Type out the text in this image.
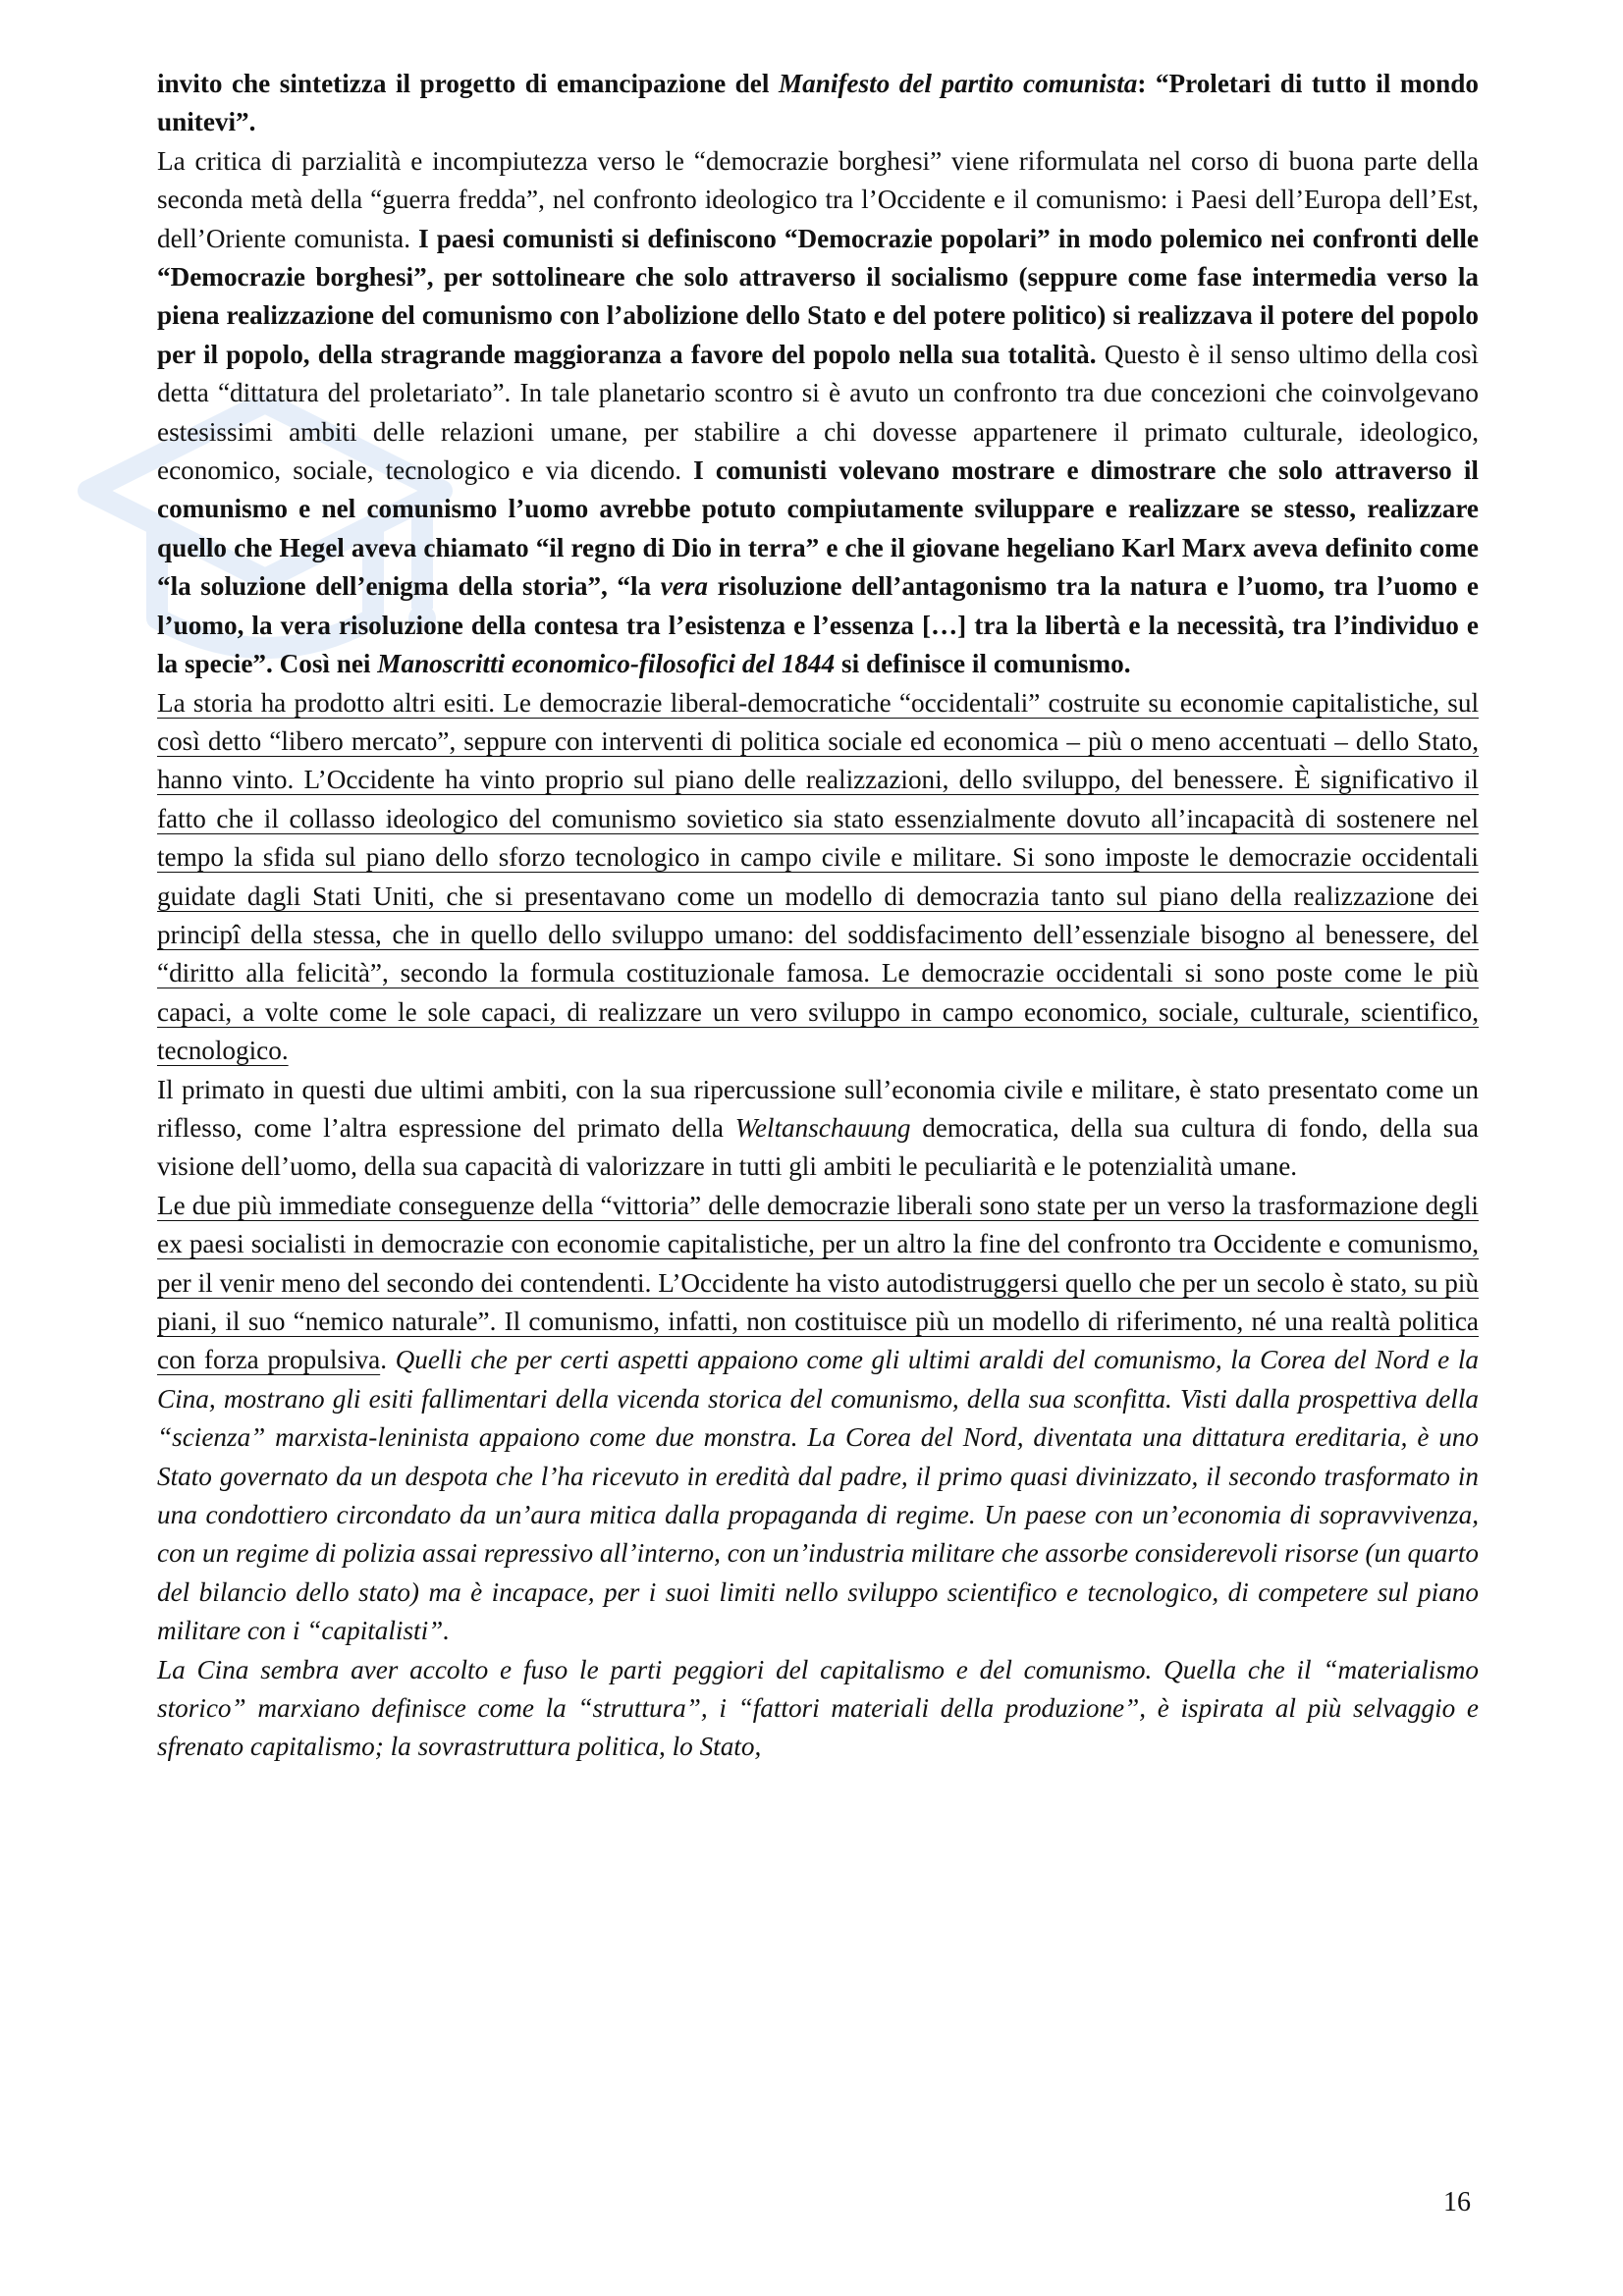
invito che sintetizza il progetto di emancipazione del Manifesto del partito comunista: “Proletari di tutto il mondo unitevi”.

La critica di parzialità e incompiutezza verso le “democrazie borghesi” viene riformulata nel corso di buona parte della seconda metà della “guerra fredda”, nel confronto ideologico tra l’Occidente e il comunismo: i Paesi dell’Europa dell’Est, dell’Oriente comunista. I paesi comunisti si definiscono “Democrazie popolari” in modo polemico nei confronti delle “Democrazie borghesi”, per sottolineare che solo attraverso il socialismo (seppure come fase intermedia verso la piena realizzazione del comunismo con l’abolizione dello Stato e del potere politico) si realizzava il potere del popolo per il popolo, della stragrande maggioranza a favore del popolo nella sua totalità. Questo è il senso ultimo della così detta “dittatura del proletariato”. In tale planetario scontro si è avuto un confronto tra due concezioni che coinvolgevano estesissimi ambiti delle relazioni umane, per stabilire a chi dovesse appartenere il primato culturale, ideologico, economico, sociale, tecnologico e via dicendo. I comunisti volevano mostrare e dimostrare che solo attraverso il comunismo e nel comunismo l’uomo avrebbe potuto compiutamente sviluppare e realizzare se stesso, realizzare quello che Hegel aveva chiamato “il regno di Dio in terra” e che il giovane hegeliano Karl Marx aveva definito come “la soluzione dell’enigma della storia”, “la vera risoluzione dell’antagonismo tra la natura e l’uomo, tra l’uomo e l’uomo, la vera risoluzione della contesa tra l’esistenza e l’essenza […] tra la libertà e la necessità, tra l’individuo e la specie”. Così nei Manoscritti economico-filosofici del 1844 si definisce il comunismo.

La storia ha prodotto altri esiti. Le democrazie liberal-democratiche “occidentali” costruite su economie capitalistiche, sul così detto “libero mercato”, seppure con interventi di politica sociale ed economica – più o meno accentuati – dello Stato, hanno vinto. L’Occidente ha vinto proprio sul piano delle realizzazioni, dello sviluppo, del benessere. È significativo il fatto che il collasso ideologico del comunismo sovietico sia stato essenzialmente dovuto all’incapacità di sostenere nel tempo la sfida sul piano dello sforzo tecnologico in campo civile e militare. Si sono imposte le democrazie occidentali guidate dagli Stati Uniti, che si presentavano come un modello di democrazia tanto sul piano della realizzazione dei principî della stessa, che in quello dello sviluppo umano: del soddisfacimento dell’essenziale bisogno al benessere, del “diritto alla felicità”, secondo la formula costituzionale famosa. Le democrazie occidentali si sono poste come le più capaci, a volte come le sole capaci, di realizzare un vero sviluppo in campo economico, sociale, culturale, scientifico, tecnologico.

Il primato in questi due ultimi ambiti, con la sua ripercussione sull’economia civile e militare, è stato presentato come un riflesso, come l’altra espressione del primato della Weltanschauung democratica, della sua cultura di fondo, della sua visione dell’uomo, della sua capacità di valorizzare in tutti gli ambiti le peculiarità e le potenzialità umane.

Le due più immediate conseguenze della “vittoria” delle democrazie liberali sono state per un verso la trasformazione degli ex paesi socialisti in democrazie con economie capitalistiche, per un altro la fine del confronto tra Occidente e comunismo, per il venir meno del secondo dei contendenti. L’Occidente ha visto autodistruggersi quello che per un secolo è stato, su più piani, il suo “nemico naturale”. Il comunismo, infatti, non costituisce più un modello di riferimento, né una realtà politica con forza propulsiva. Quelli che per certi aspetti appaiono come gli ultimi araldi del comunismo, la Corea del Nord e la Cina, mostrano gli esiti fallimentari della vicenda storica del comunismo, della sua sconfitta. Visti dalla prospettiva della “scienza” marxista-leninista appaiono come due monstra. La Corea del Nord, diventata una dittatura ereditaria, è uno Stato governato da un despota che l’ha ricevuto in eredità dal padre, il primo quasi divinizzato, il secondo trasformato in una condottiero circondato da un’aura mitica dalla propaganda di regime. Un paese con un’economia di sopravvivenza, con un regime di polizia assai repressivo all’interno, con un’industria militare che assorbe considerevoli risorse (un quarto del bilancio dello stato) ma è incapace, per i suoi limiti nello sviluppo scientifico e tecnologico, di competere sul piano militare con i “capitalisti”.

La Cina sembra aver accolto e fuso le parti peggiori del capitalismo e del comunismo. Quella che il “materialismo storico” marxiano definisce come la “struttura”, i “fattori materiali della produzione”, è ispirata al più selvaggio e sfrenato capitalismo; la sovrastruttura politica, lo Stato,

16
